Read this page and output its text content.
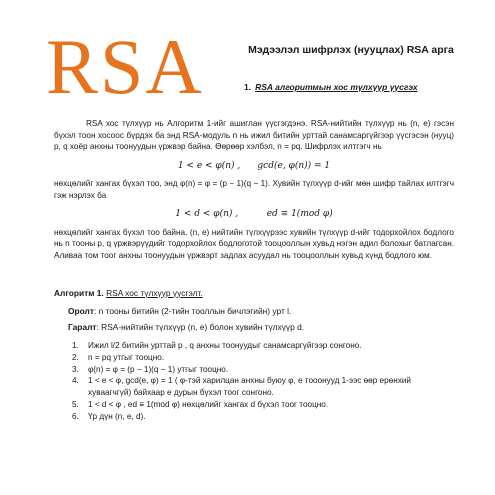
RSA	Мэдээлэл шифрлэх (нууцлах) RSA арга
1. RSA алгоритмын хос түлхүүр үүсгэх

RSA хос түлхүүр нь Алгоритм 1-ийг ашиглан үүсгэгдэнэ. RSA-нийтийн түлхүүр нь (n, e) гэсэн бүхэл тоон хосоос бүрдэх ба энд RSA-модуль n нь ижил битийн урттай санамсаргүйгээр үүсгэсэн (нууц) p, q хоёр анхны тоонуудын үржвэр байна. Өөрөөр хэлбэл, n = pq. Шифрлэх илтгэгч нь

1 < e < φ(n) ,      gcd(e, φ(n)) = 1

нөхцөлийг хангах бүхэл тоо, энд φ(n) = φ = (p − 1)(q − 1). Хувийн түлхүүр d-ийг мөн шифр тайлах илтгэгч гэж нэрлэх ба

1 < d < φ(n) ,          ed ≡ 1(mod φ)

нөхцөлийг хангах бүхэл тоо байна. (n, e) нийтийн түлхүүрээс хувийн түлхүүр d-ийг тодорхойлох бодлого нь n тооны p, q үржвэрүүдийг тодорхойлох бодлоготой тооцооллын хувьд нэгэн адил болохыг батлагсан. Аливаа том тоог анхны тоонуудын үржвэрт задлах асуудал нь тооцооллын хувьд хүнд бодлого юм.

Алгоритм 1. RSA хос түлхүүр үүсгэлт.
Оролт: n тооны битийн (2-тийн тооллын бичлэгийн) урт l.
Гаралт: RSA-нийтийн түлхүүр (n, e) болон хувийн түлхүүр d.
1.	Ижил l/2 битийн урттай p , q анхны тоонуудыг санамсаргүйгээр сонгоно.
2.	n = pq утгыг тооцно.
3.	φ(n) = φ = (p − 1)(q − 1) утгыг тооцно.
4.	1 < e < φ, gcd(e, φ) = 1 ( φ-тэй харилцан анхны буюу φ, e тооонууд 1-ээс өөр ерөнхий хуваагчгүй) байхаар e дурын бүхэл тоог сонгоно.
5.	1 < d < φ , ed ≡ 1(mod φ) нөхцөлийг хангах d бүхэл тоог тооцно.
6.	Үр дүн (n, e, d).
